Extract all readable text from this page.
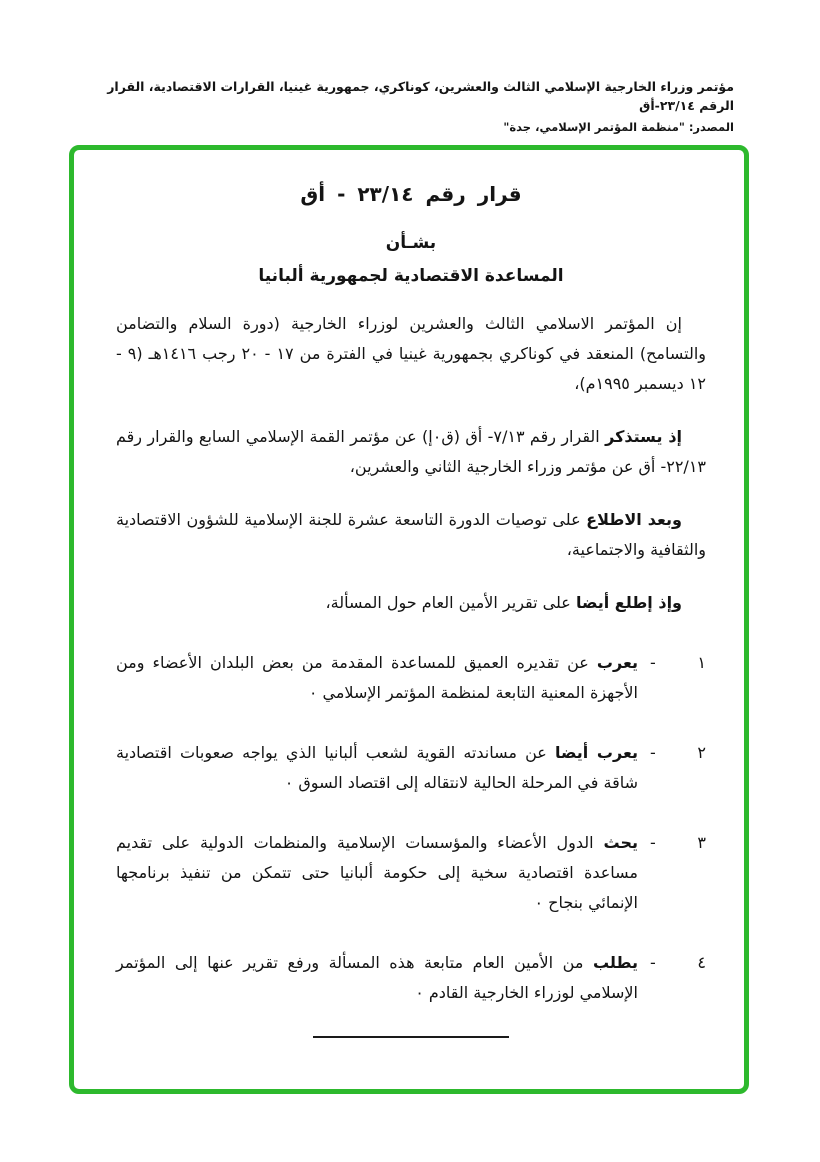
مؤتمر وزراء الخارجية الإسلامي الثالث والعشرين، كوناكري، جمهورية غينيا، القرارات الاقتصادية، القرار الرقم ٢٣/١٤-أق
المصدر: "منظمة المؤتمر الإسلامي، جدة"
قرار رقم ٢٣/١٤ - أق
بشـأن
المساعدة الاقتصادية لجمهورية ألبانيا

إن المؤتمر الاسلامي الثالث والعشرين لوزراء الخارجية (دورة السلام والتضامن والتسامح) المنعقد في كوناكري بجمهورية غينيا في الفترة من ١٧ - ٢٠ رجب ١٤١٦هـ (٩ - ١٢ ديسمبر ١٩٩٥م)،

إذ يستذكر القرار رقم ٧/١٣- أق (ق٠إ) عن مؤتمر القمة الإسلامي السابع والقرار رقم ٢٢/١٣- أق عن مؤتمر وزراء الخارجية الثاني والعشرين،

وبعد الاطلاع على توصيات الدورة التاسعة عشرة للجنة الإسلامية للشؤون الاقتصادية والثقافية والاجتماعية،

وإذ إطلع أيضا على تقرير الأمين العام حول المسألة،

١
-
يعرب عن تقديره العميق للمساعدة المقدمة من بعض البلدان الأعضاء ومن الأجهزة المعنية التابعة لمنظمة المؤتمر الإسلامي ٠
٢
-
يعرب أيضا عن مساندته القوية لشعب ألبانيا الذي يواجه صعوبات اقتصادية شاقة في المرحلة الحالية لانتقاله إلى اقتصاد السوق ٠
٣
-
يحث الدول الأعضاء والمؤسسات الإسلامية والمنظمات الدولية على تقديم مساعدة اقتصادية سخية إلى حكومة ألبانيا حتى تتمكن من تنفيذ برنامجها الإنمائي بنجاح ٠
٤
-
يطلب من الأمين العام متابعة هذه المسألة ورفع تقرير عنها إلى المؤتمر الإسلامي لوزراء الخارجية القادم ٠
